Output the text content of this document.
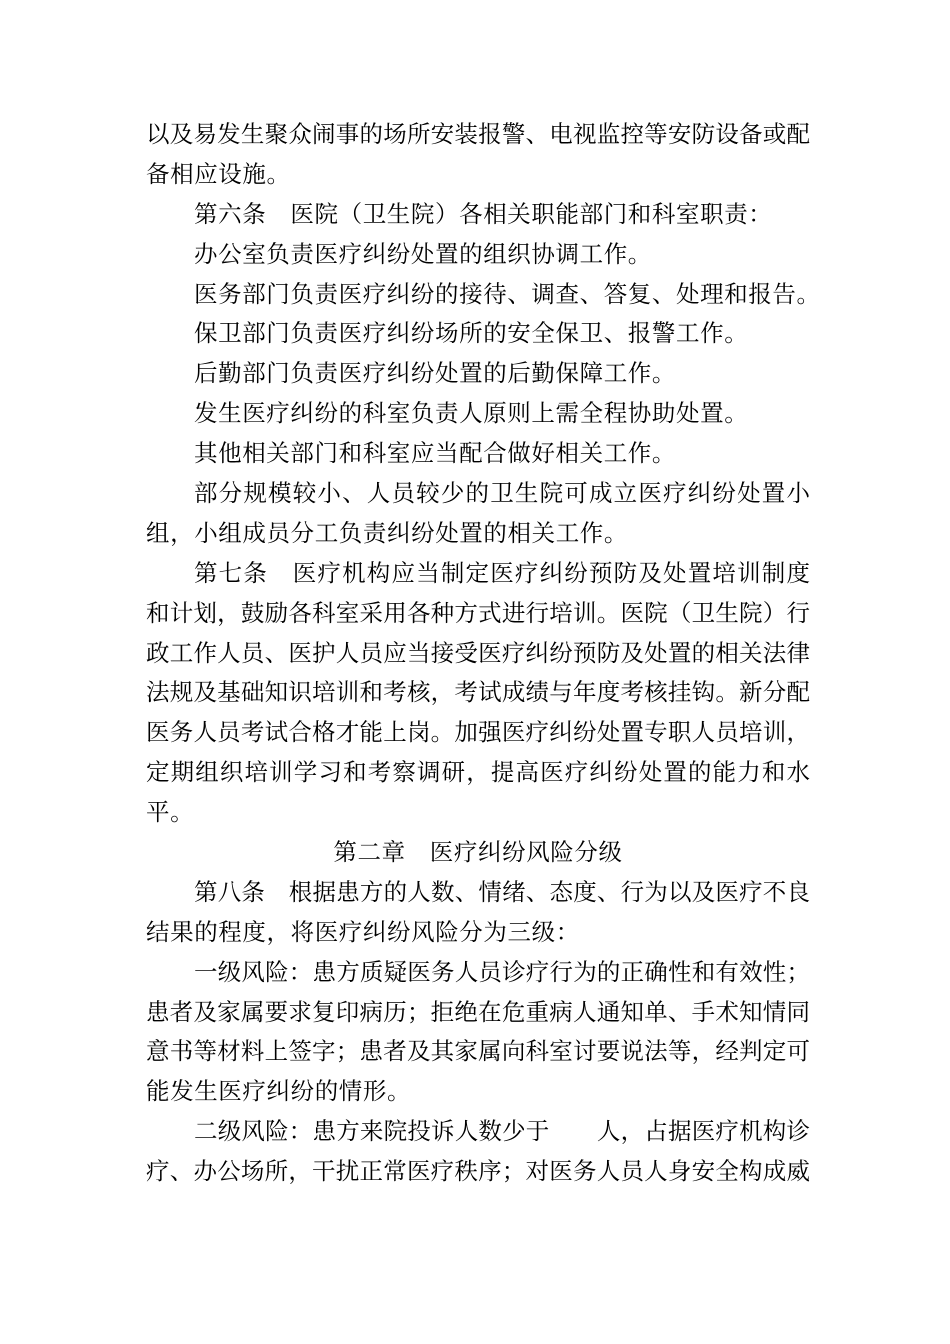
以及易发生聚众闹事的场所安装报警、电视监控等安防设备或配
备相应设施。
第六条　医院（卫生院）各相关职能部门和科室职责：
办公室负责医疗纠纷处置的组织协调工作。
医务部门负责医疗纠纷的接待、调查、答复、处理和报告。
保卫部门负责医疗纠纷场所的安全保卫、报警工作。
后勤部门负责医疗纠纷处置的后勤保障工作。
发生医疗纠纷的科室负责人原则上需全程协助处置。
其他相关部门和科室应当配合做好相关工作。
部分规模较小、人员较少的卫生院可成立医疗纠纷处置小
组，小组成员分工负责纠纷处置的相关工作。
第七条　医疗机构应当制定医疗纠纷预防及处置培训制度
和计划，鼓励各科室采用各种方式进行培训。医院（卫生院）行
政工作人员、医护人员应当接受医疗纠纷预防及处置的相关法律
法规及基础知识培训和考核，考试成绩与年度考核挂钩。新分配
医务人员考试合格才能上岗。加强医疗纠纷处置专职人员培训，
定期组织培训学习和考察调研，提高医疗纠纷处置的能力和水
平。
第二章　医疗纠纷风险分级
第八条　根据患方的人数、情绪、态度、行为以及医疗不良
结果的程度，将医疗纠纷风险分为三级：
一级风险：患方质疑医务人员诊疗行为的正确性和有效性；
患者及家属要求复印病历；拒绝在危重病人通知单、手术知情同
意书等材料上签字；患者及其家属向科室讨要说法等，经判定可
能发生医疗纠纷的情形。
二级风险：患方来院投诉人数少于　　人，占据医疗机构诊
疗、办公场所，干扰正常医疗秩序；对医务人员人身安全构成威
